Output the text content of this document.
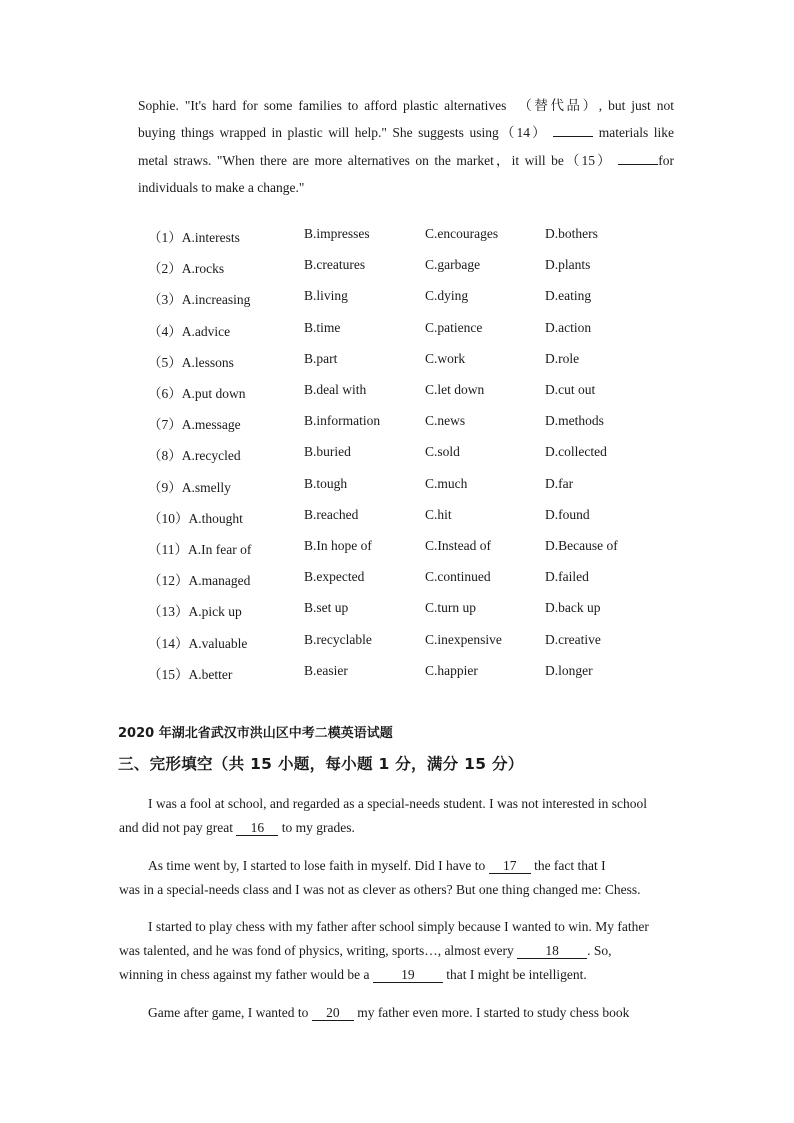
Sophie. "It's hard for some families to afford plastic alternatives （替代品）, but just not
buying things wrapped in plastic will help." She suggests using（14）	materials like
metal straws. "When there are more alternatives on the market，it will be（15）	for
individuals to make a change."
（1）A.interests	B.impresses	C.encourages	D.bothers
（2）A.rocks	B.creatures	C.garbage	D.plants
（3）A.increasing	B.living	C.dying	D.eating
（4）A.advice	B.time	C.patience	D.action
（5）A.lessons	B.part	C.work	D.role
（6）A.put down	B.deal with	C.let down	D.cut out
（7）A.message	B.information	C.news	D.methods
（8）A.recycled	B.buried	C.sold	D.collected
（9）A.smelly	B.tough	C.much	D.far
（10）A.thought	B.reached	C.hit	D.found
（11）A.In fear of	B.In hope of	C.Instead of	D.Because of
（12）A.managed	B.expected	C.continued	D.failed
（13）A.pick up	B.set up	C.turn up	D.back up
（14）A.valuable	B.recyclable	C.inexpensive	D.creative
（15）A.better	B.easier	C.happier	D.longer
2020 年湖北省武汉市洪山区中考二模英语试题
三、完形填空（共 15 小题，每小题 1 分，满分 15 分）
I was a fool at school, and regarded as a special-needs student. I was not interested in school
and did not pay great 16 to my grades.
As time went by, I started to lose faith in myself. Did I have to 17 the fact that I
was in a special-needs class and I was not as clever as others? But one thing changed me: Chess.
I started to play chess with my father after school simply because I wanted to win. My father
was talented, and he was fond of physics, writing, sports…, almost every 18 . So,
winning in chess against my father would be a 19 that I might be intelligent.
Game after game, I wanted to 20 my father even more. I started to study chess book
